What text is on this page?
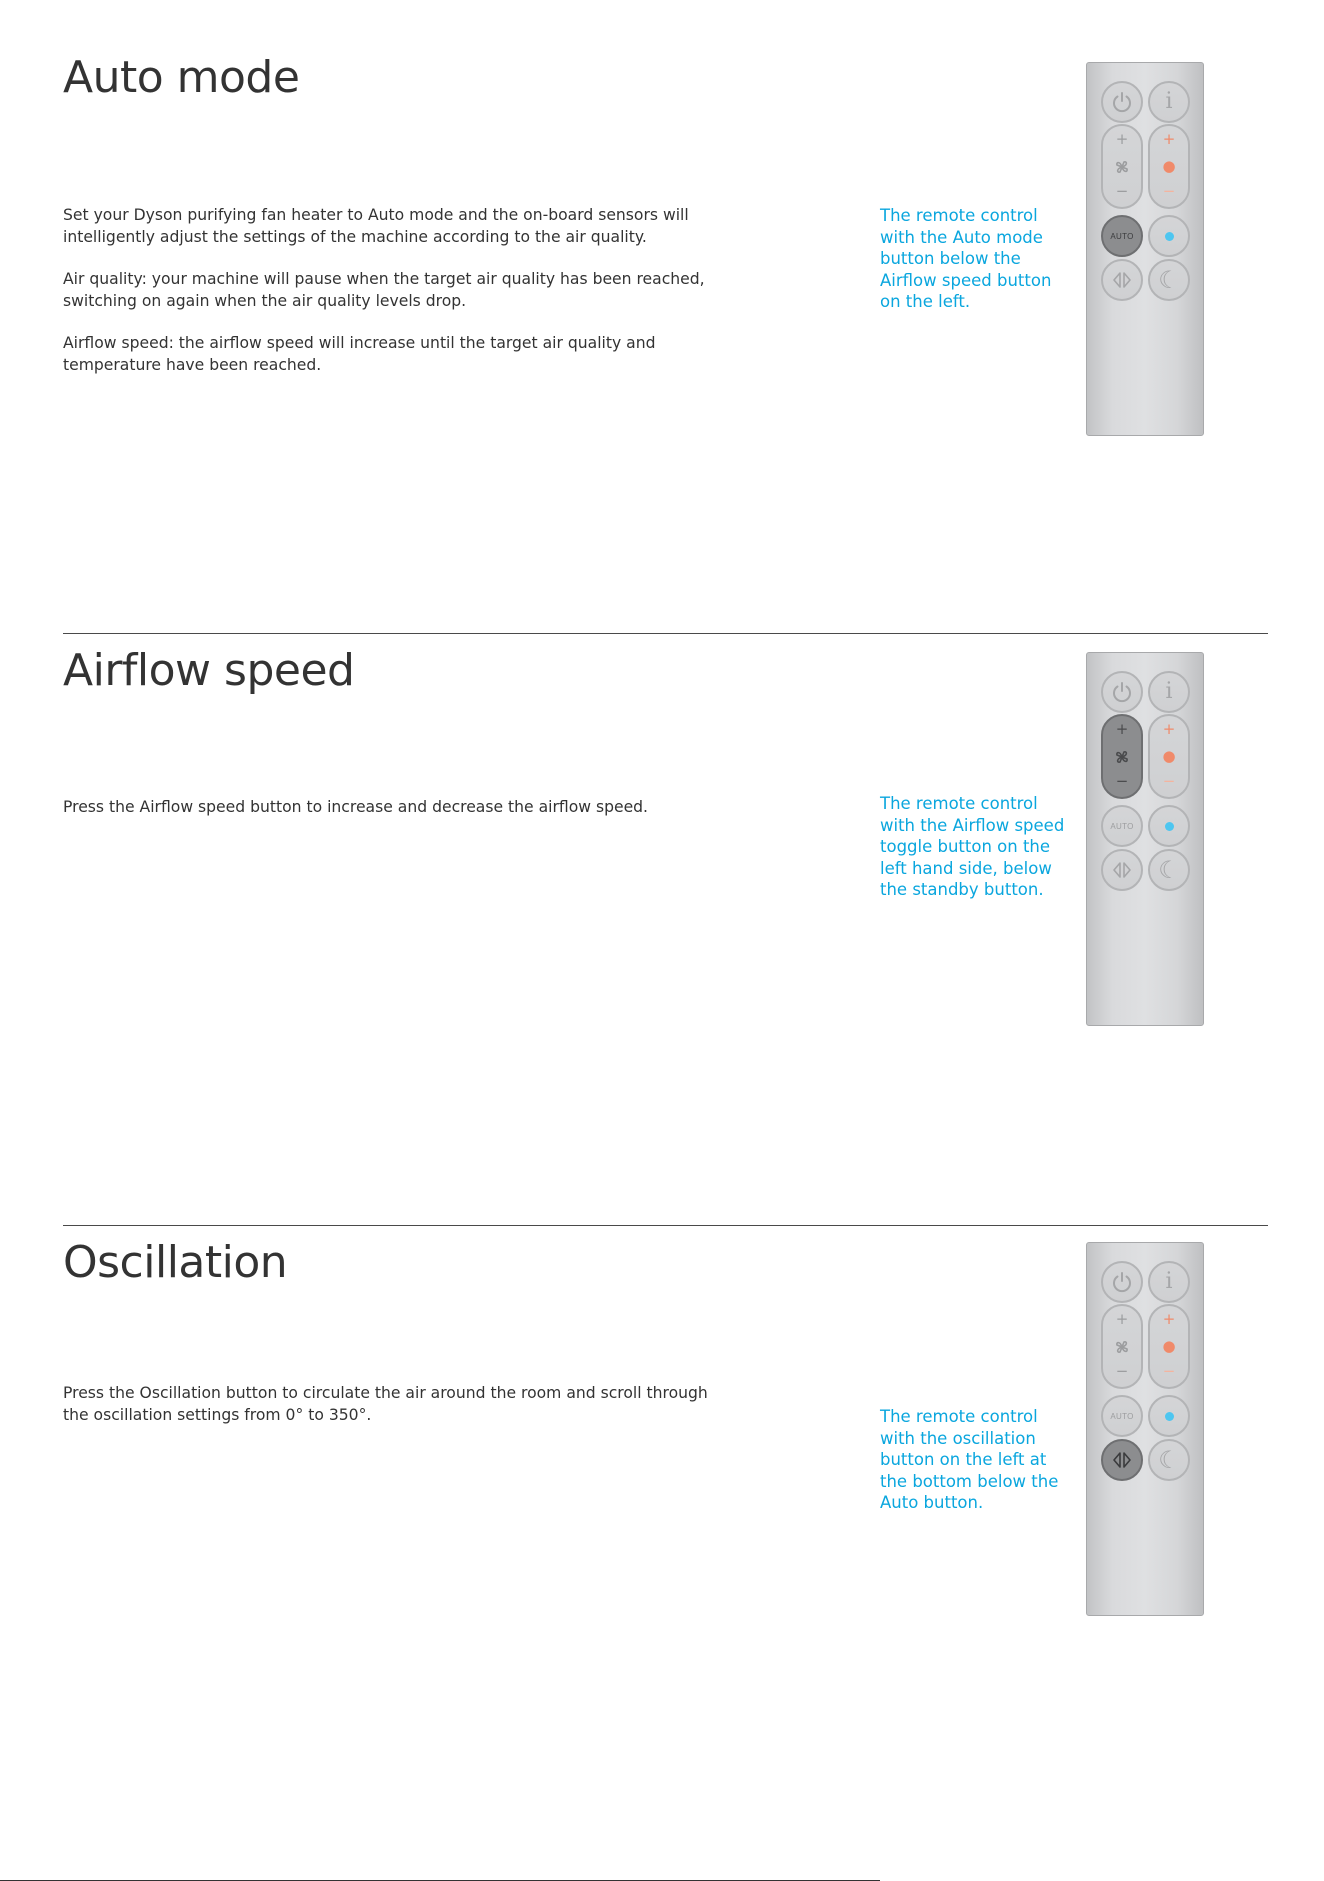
Auto mode

Set your Dyson purifying fan heater to Auto mode and the on-board sensors will intelligently adjust the settings of the machine according to the air quality.

Air quality: your machine will pause when the target air quality has been reached, switching on again when the air quality levels drop.

Airflow speed: the airflow speed will increase until the target air quality and temperature have been reached.

The remote control with the Auto mode button below the Airflow speed button on the left.

i
+
−
+
●
−
AUTO
☾
Airflow speed

Press the Airflow speed button to increase and decrease the airflow speed.	The remote control with the Airflow speed toggle button on the left hand side, below the standby button.

i
+
−
+
●
−
AUTO
☾
Oscillation

Press the Oscillation button to circulate the air around the room and scroll through the oscillation settings from 0° to 350°.	The remote control with the oscillation button on the left at the bottom below the Auto button.

i
+
−
+
●
−
AUTO
☾
